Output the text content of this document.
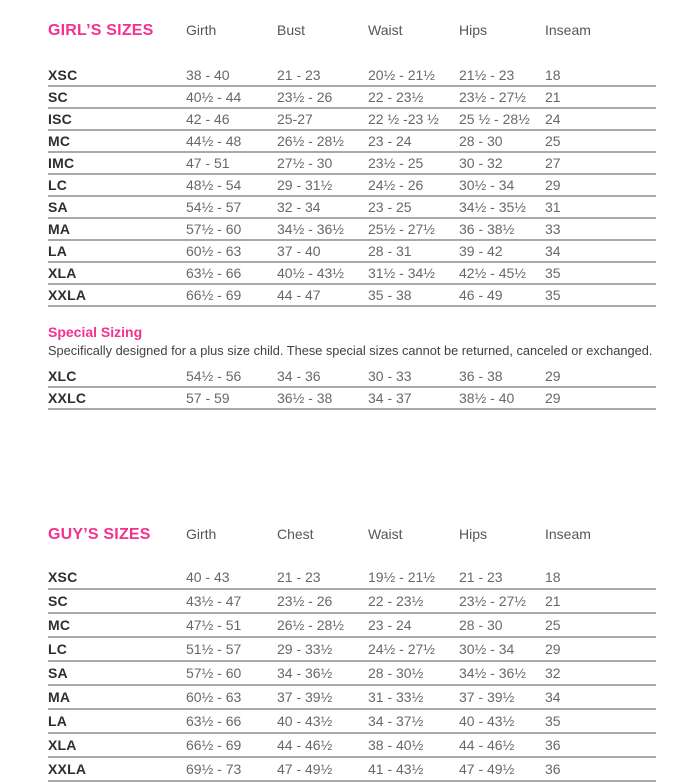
GIRL’S SIZES	Girth	Bust	Waist	Hips	Inseam
XSC	38 - 40	21 - 23	20½ - 21½	21½ - 23	18
SC	40½ - 44	23½ - 26	22 - 23½	23½ - 27½	21
ISC	42 - 46	25-27	22 ½ -23 ½	25 ½ - 28½	24
MC	44½ - 48	26½ - 28½	23 - 24	28 - 30	25
IMC	47 - 51	27½ - 30	23½ - 25	30 - 32	27
LC	48½ - 54	29 - 31½	24½ - 26	30½ - 34	29
SA	54½ - 57	32 - 34	23 - 25	34½ - 35½	31
MA	57½ - 60	34½ - 36½	25½ - 27½	36 - 38½	33
LA	60½ - 63	37 - 40	28 - 31	39 - 42	34
XLA	63½ - 66	40½ - 43½	31½ - 34½	42½ - 45½	35
XXLA	66½ - 69	44 - 47	35 - 38	46 - 49	35
Special Sizing
Specifically designed for a plus size child. These special sizes cannot be returned, canceled or exchanged.
XLC	54½ - 56	34 - 36	30 - 33	36 - 38	29
XXLC	57 - 59	36½ - 38	34 - 37	38½ - 40	29
GUY’S SIZES	Girth	Chest	Waist	Hips	Inseam
XSC	40 - 43	21 - 23	19½ - 21½	21 - 23	18
SC	43½ - 47	23½ - 26	22 - 23½	23½ - 27½	21
MC	47½ - 51	26½ - 28½	23 - 24	28 - 30	25
LC	51½ - 57	29 - 33½	24½ - 27½	30½ - 34	29
SA	57½ - 60	34 - 36½	28 - 30½	34½ - 36½	32
MA	60½ - 63	37 - 39½	31 - 33½	37 - 39½	34
LA	63½ - 66	40 - 43½	34 - 37½	40 - 43½	35
XLA	66½ - 69	44 - 46½	38 - 40½	44 - 46½	36
XXLA	69½ - 73	47 - 49½	41 - 43½	47 - 49½	36
